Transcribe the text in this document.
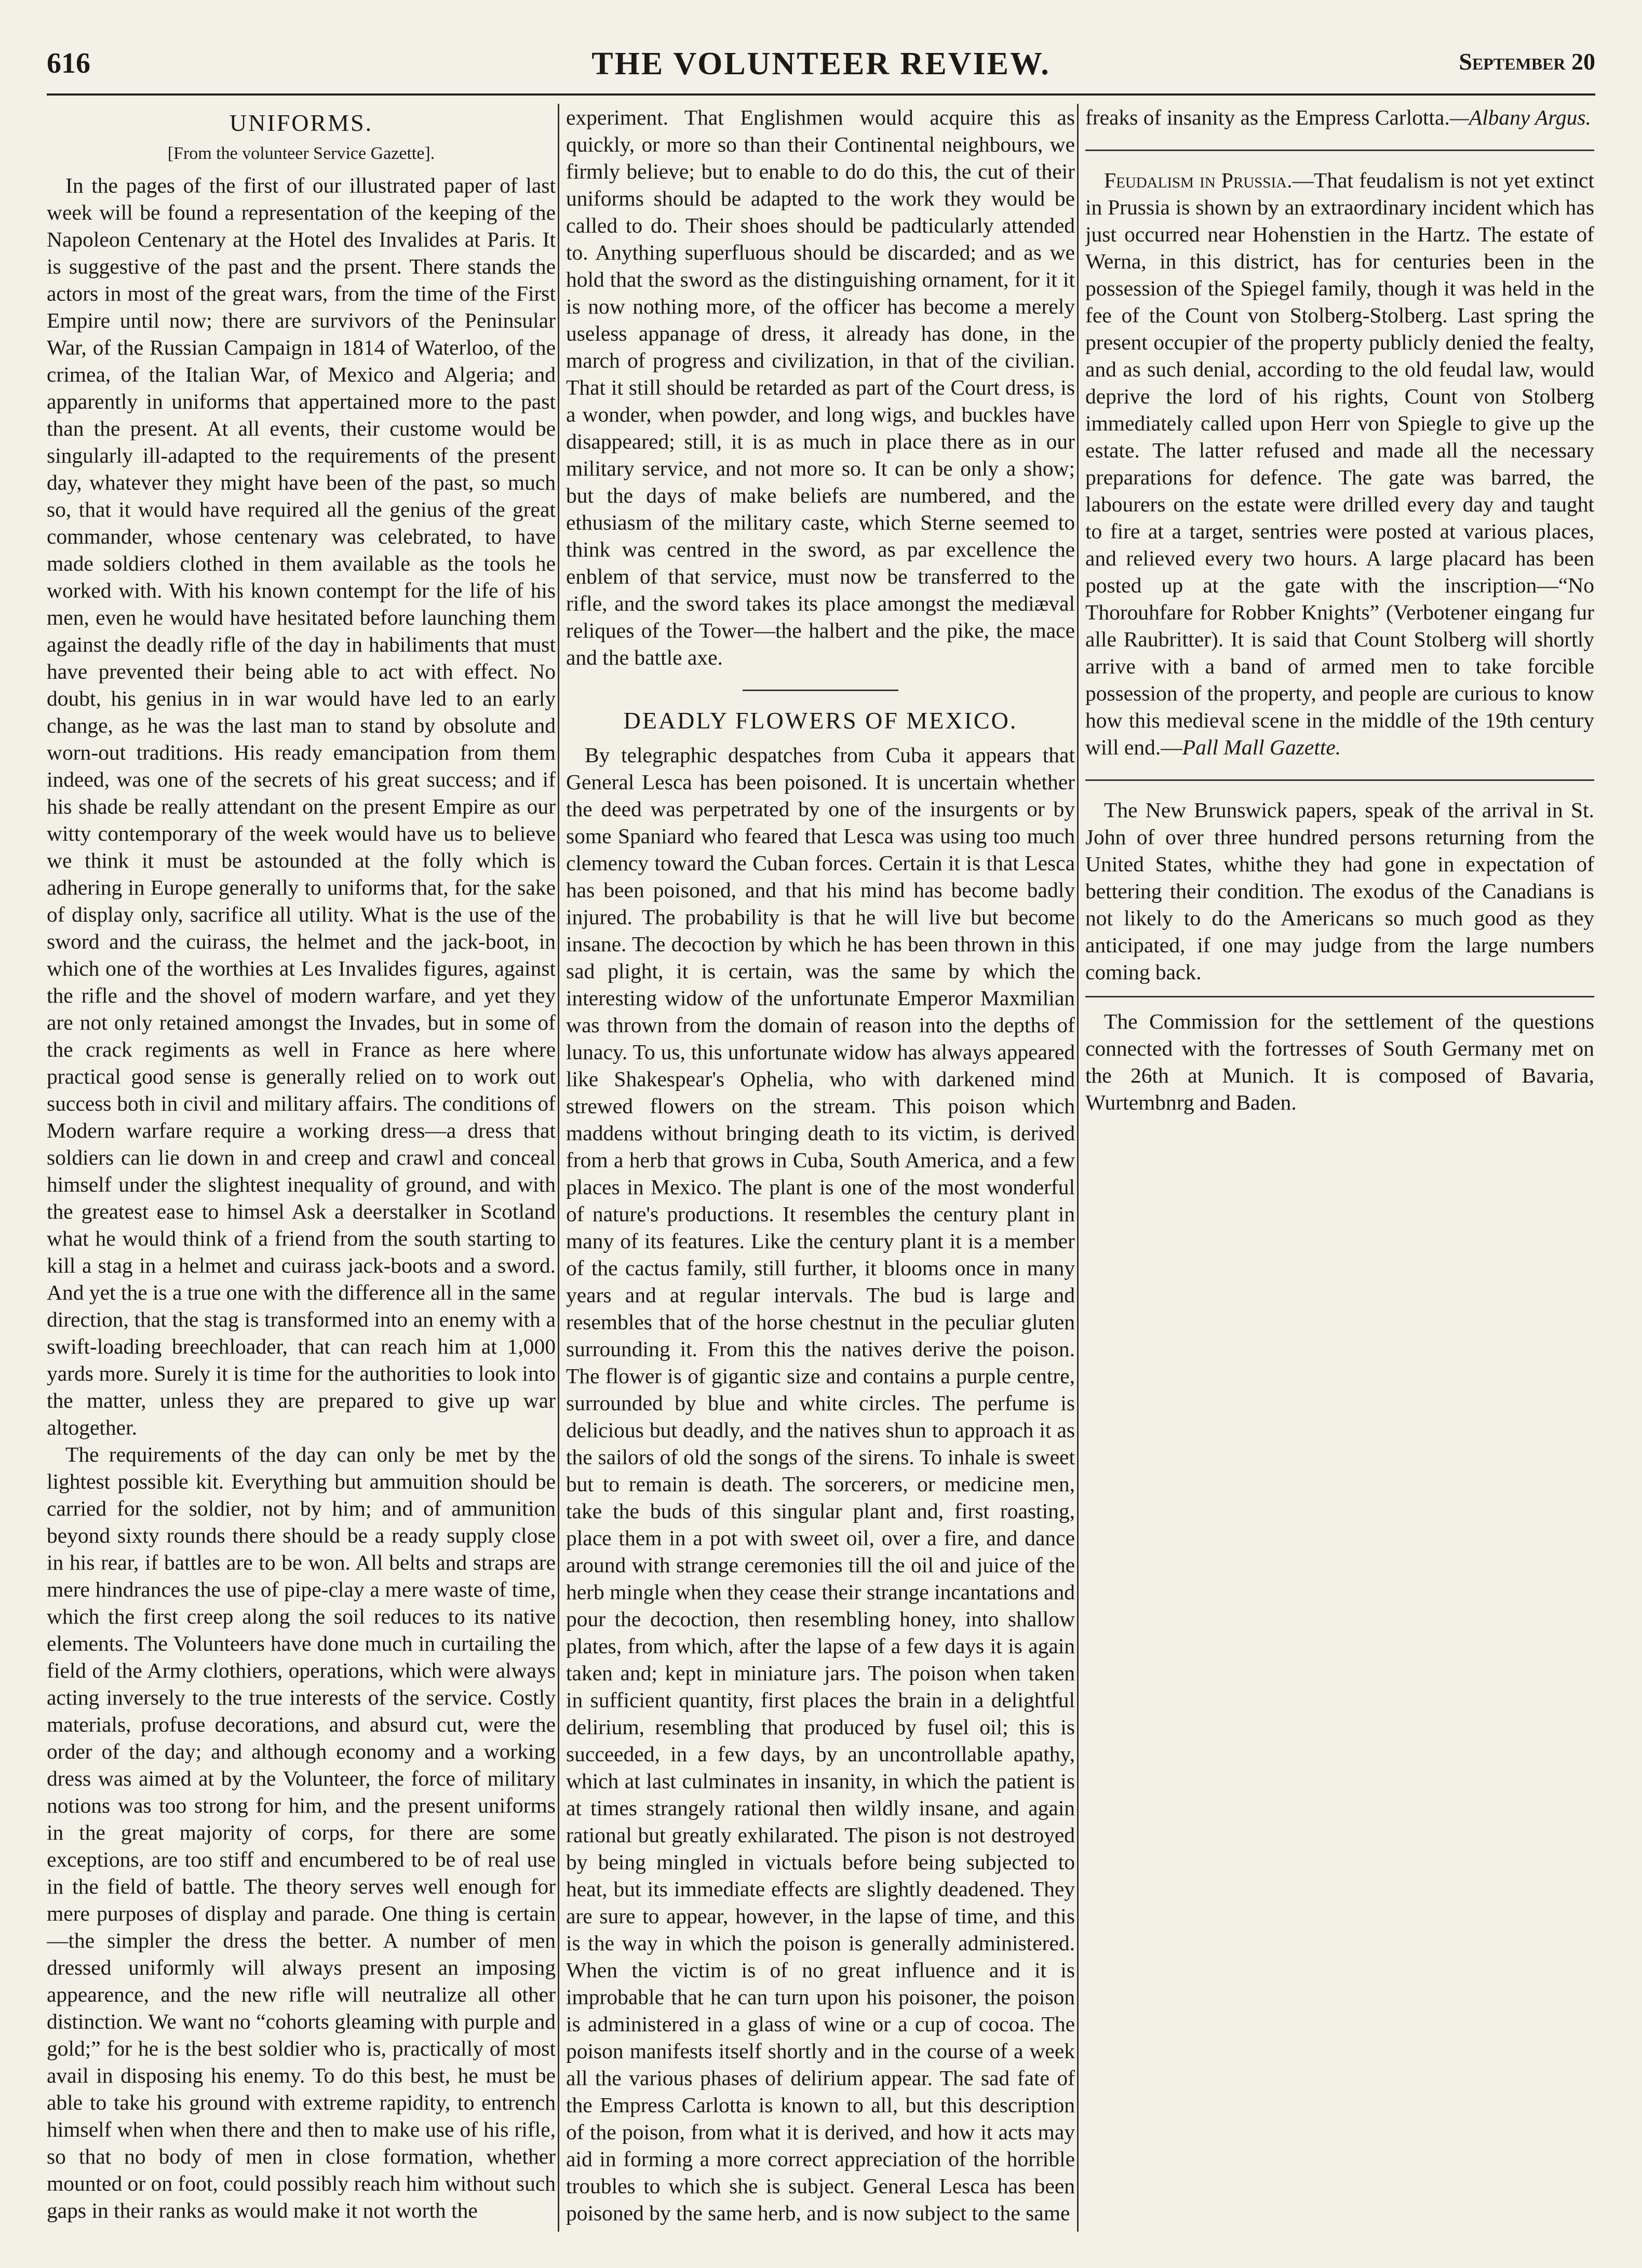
616	THE VOLUNTEER REVIEW.	September 20
UNIFORMS.
[From the volunteer Service Gazette].

In the pages of the first of our illustrated paper of last week will be found a representation of the keeping of the Napoleon Centenary at the Hotel des Invalides at Paris. It is suggestive of the past and the prsent. There stands the actors in most of the great wars, from the time of the First Empire until now; there are survivors of the Peninsular War, of the Russian Campaign in 1814 of Waterloo, of the crimea, of the Italian War, of Mexico and Algeria; and apparently in uniforms that appertained more to the past than the present. At all events, their custome would be singularly ill-adapted to the requirements of the present day, whatever they might have been of the past, so much so, that it would have required all the genius of the great commander, whose centenary was celebrated, to have made soldiers clothed in them available as the tools he worked with. With his known contempt for the life of his men, even he would have hesitated before launching them against the deadly rifle of the day in habiliments that must have prevented their being able to act with effect. No doubt, his genius in in war would have led to an early change, as he was the last man to stand by obsolute and worn-out traditions. His ready emancipation from them indeed, was one of the secrets of his great success; and if his shade be really attendant on the present Empire as our witty contemporary of the week would have us to believe we think it must be astounded at the folly which is adhering in Europe generally to uniforms that, for the sake of display only, sacrifice all utility. What is the use of the sword and the cuirass, the helmet and the jack-boot, in which one of the worthies at Les Invalides figures, against the rifle and the shovel of modern warfare, and yet they are not only retained amongst the Invades, but in some of the crack regiments as well in France as here where practical good sense is generally relied on to work out success both in civil and military affairs. The conditions of Modern warfare require a working dress—a dress that soldiers can lie down in and creep and crawl and conceal himself under the slightest inequality of ground, and with the greatest ease to himsel Ask a deerstalker in Scotland what he would think of a friend from the south starting to kill a stag in a helmet and cuirass jack-boots and a sword. And yet the is a true one with the difference all in the same direction, that the stag is transformed into an enemy with a swift-loading breechloader, that can reach him at 1,000 yards more. Surely it is time for the authorities to look into the matter, unless they are prepared to give up war altogether.

The requirements of the day can only be met by the lightest possible kit. Everything but ammuition should be carried for the soldier, not by him; and of ammunition beyond sixty rounds there should be a ready supply close in his rear, if battles are to be won. All belts and straps are mere hindrances the use of pipe-clay a mere waste of time, which the first creep along the soil reduces to its native elements. The Volunteers have done much in curtailing the field of the Army clothiers, operations, which were always acting inversely to the true interests of the service. Costly materials, profuse decorations, and absurd cut, were the order of the day; and although economy and a working dress was aimed at by the Volunteer, the force of military notions was too strong for him, and the present uniforms in the great majority of corps, for there are some exceptions, are too stiff and encumbered to be of real use in the field of battle. The theory serves well enough for mere purposes of display and parade. One thing is certain—the simpler the dress the better. A number of men dressed uniformly will always present an imposing appearence, and the new rifle will neutralize all other distinction. We want no “cohorts gleaming with purple and gold;” for he is the best soldier who is, practically of most avail in disposing his enemy. To do this best, he must be able to take his ground with extreme rapidity, to entrench himself when when there and then to make use of his rifle, so that no body of men in close formation, whether mounted or on foot, could possibly reach him without such gaps in their ranks as would make it not worth the

experiment. That Englishmen would acquire this as quickly, or more so than their Continental neighbours, we firmly believe; but to enable to do do this, the cut of their uniforms should be adapted to the work they would be called to do. Their shoes should be padticularly attended to. Anything superfluous should be discarded; and as we hold that the sword as the distinguishing ornament, for it it is now nothing more, of the officer has become a merely useless appanage of dress, it already has done, in the march of progress and civilization, in that of the civilian. That it still should be retarded as part of the Court dress, is a wonder, when powder, and long wigs, and buckles have disappeared; still, it is as much in place there as in our military service, and not more so. It can be only a show; but the days of make beliefs are numbered, and the ethusiasm of the military caste, which Sterne seemed to think was centred in the sword, as par excellence the enblem of that service, must now be transferred to the rifle, and the sword takes its place amongst the mediæval reliques of the Tower—the halbert and the pike, the mace and the battle axe.

DEADLY FLOWERS OF MEXICO.

By telegraphic despatches from Cuba it appears that General Lesca has been poisoned. It is uncertain whether the deed was perpetrated by one of the insurgents or by some Spaniard who feared that Lesca was using too much clemency toward the Cuban forces. Certain it is that Lesca has been poisoned, and that his mind has become badly injured. The probability is that he will live but become insane. The decoction by which he has been thrown in this sad plight, it is certain, was the same by which the interesting widow of the unfortunate Emperor Maxmilian was thrown from the domain of reason into the depths of lunacy. To us, this unfortunate widow has always appeared like Shakespear's Ophelia, who with darkened mind strewed flowers on the stream. This poison which maddens without bringing death to its victim, is derived from a herb that grows in Cuba, South America, and a few places in Mexico. The plant is one of the most wonderful of nature's productions. It resembles the century plant in many of its features. Like the century plant it is a member of the cactus family, still further, it blooms once in many years and at regular intervals. The bud is large and resembles that of the horse chestnut in the peculiar gluten surrounding it. From this the natives derive the poison. The flower is of gigantic size and contains a purple centre, surrounded by blue and white circles. The perfume is delicious but deadly, and the natives shun to approach it as the sailors of old the songs of the sirens. To inhale is sweet but to remain is death. The sorcerers, or medicine men, take the buds of this singular plant and, first roasting, place them in a pot with sweet oil, over a fire, and dance around with strange ceremonies till the oil and juice of the herb mingle when they cease their strange incantations and pour the decoction, then resembling honey, into shallow plates, from which, after the lapse of a few days it is again taken and; kept in miniature jars. The poison when taken in sufficient quantity, first places the brain in a delightful delirium, resembling that produced by fusel oil; this is succeeded, in a few days, by an uncontrollable apathy, which at last culminates in insanity, in which the patient is at times strangely rational then wildly insane, and again rational but greatly exhilarated. The pison is not destroyed by being mingled in victuals before being subjected to heat, but its immediate effects are slightly deadened. They are sure to appear, however, in the lapse of time, and this is the way in which the poison is generally administered. When the victim is of no great influence and it is improbable that he can turn upon his poisoner, the poison is administered in a glass of wine or a cup of cocoa. The poison manifests itself shortly and in the course of a week all the various phases of delirium appear. The sad fate of the Empress Carlotta is known to all, but this description of the poison, from what it is derived, and how it acts may aid in forming a more correct appreciation of the horrible troubles to which she is subject. General Lesca has been poisoned by the same herb, and is now subject to the same

freaks of insanity as the Empress Carlotta.—Albany Argus.

Feudalism in Prussia.—That feudalism is not yet extinct in Prussia is shown by an extraordinary incident which has just occurred near Hohenstien in the Hartz. The estate of Werna, in this district, has for centuries been in the possession of the Spiegel family, though it was held in the fee of the Count von Stolberg-Stolberg. Last spring the present occupier of the property publicly denied the fealty, and as such denial, according to the old feudal law, would deprive the lord of his rights, Count von Stolberg immediately called upon Herr von Spiegle to give up the estate. The latter refused and made all the necessary preparations for defence. The gate was barred, the labourers on the estate were drilled every day and taught to fire at a target, sentries were posted at various places, and relieved every two hours. A large placard has been posted up at the gate with the inscription—“No Thorouhfare for Robber Knights” (Verbotener eingang fur alle Raubritter). It is said that Count Stolberg will shortly arrive with a band of armed men to take forcible possession of the property, and people are curious to know how this medieval scene in the middle of the 19th century will end.—Pall Mall Gazette.

The New Brunswick papers, speak of the arrival in St. John of over three hundred persons returning from the United States, whithe they had gone in expectation of bettering their condition. The exodus of the Canadians is not likely to do the Americans so much good as they anticipated, if one may judge from the large numbers coming back.

The Commission for the settlement of the questions connected with the fortresses of South Germany met on the 26th at Munich. It is composed of Bavaria, Wurtembnrg and Baden.
